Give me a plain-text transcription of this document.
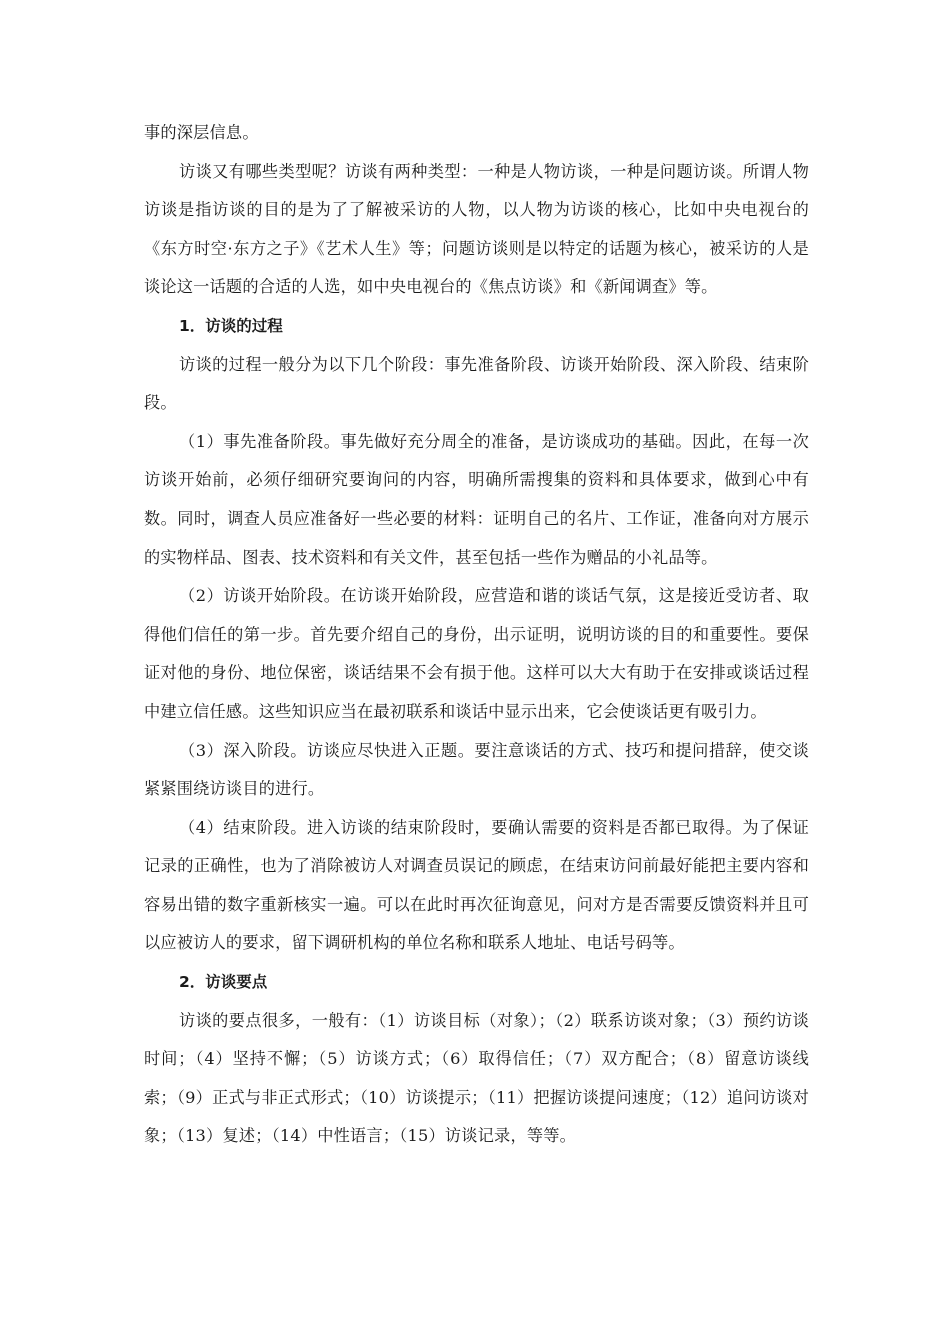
事的深层信息。

访谈又有哪些类型呢？访谈有两种类型：一种是人物访谈，一种是问题访谈。所谓人物访谈是指访谈的目的是为了了解被采访的人物，以人物为访谈的核心，比如中央电视台的《东方时空·东方之子》《艺术人生》等；问题访谈则是以特定的话题为核心，被采访的人是谈论这一话题的合适的人选，如中央电视台的《焦点访谈》和《新闻调查》等。

1．访谈的过程

访谈的过程一般分为以下几个阶段：事先准备阶段、访谈开始阶段、深入阶段、结束阶段。

（1）事先准备阶段。事先做好充分周全的准备，是访谈成功的基础。因此，在每一次访谈开始前，必须仔细研究要询问的内容，明确所需搜集的资料和具体要求，做到心中有数。同时，调查人员应准备好一些必要的材料：证明自己的名片、工作证，准备向对方展示的实物样品、图表、技术资料和有关文件，甚至包括一些作为赠品的小礼品等。

（2）访谈开始阶段。在访谈开始阶段，应营造和谐的谈话气氛，这是接近受访者、取得他们信任的第一步。首先要介绍自己的身份，出示证明，说明访谈的目的和重要性。要保证对他的身份、地位保密，谈话结果不会有损于他。这样可以大大有助于在安排或谈话过程中建立信任感。这些知识应当在最初联系和谈话中显示出来，它会使谈话更有吸引力。

（3）深入阶段。访谈应尽快进入正题。要注意谈话的方式、技巧和提问措辞，使交谈紧紧围绕访谈目的进行。

（4）结束阶段。进入访谈的结束阶段时，要确认需要的资料是否都已取得。为了保证记录的正确性，也为了消除被访人对调查员误记的顾虑，在结束访问前最好能把主要内容和容易出错的数字重新核实一遍。可以在此时再次征询意见，问对方是否需要反馈资料并且可以应被访人的要求，留下调研机构的单位名称和联系人地址、电话号码等。

2．访谈要点

访谈的要点很多，一般有：（1）访谈目标（对象）；（2）联系访谈对象；（3）预约访谈时间；（4）坚持不懈；（5）访谈方式；（6）取得信任；（7）双方配合；（8）留意访谈线索；（9）正式与非正式形式；（10）访谈提示；（11）把握访谈提问速度；（12）追问访谈对象；（13）复述；（14）中性语言；（15）访谈记录，等等。
